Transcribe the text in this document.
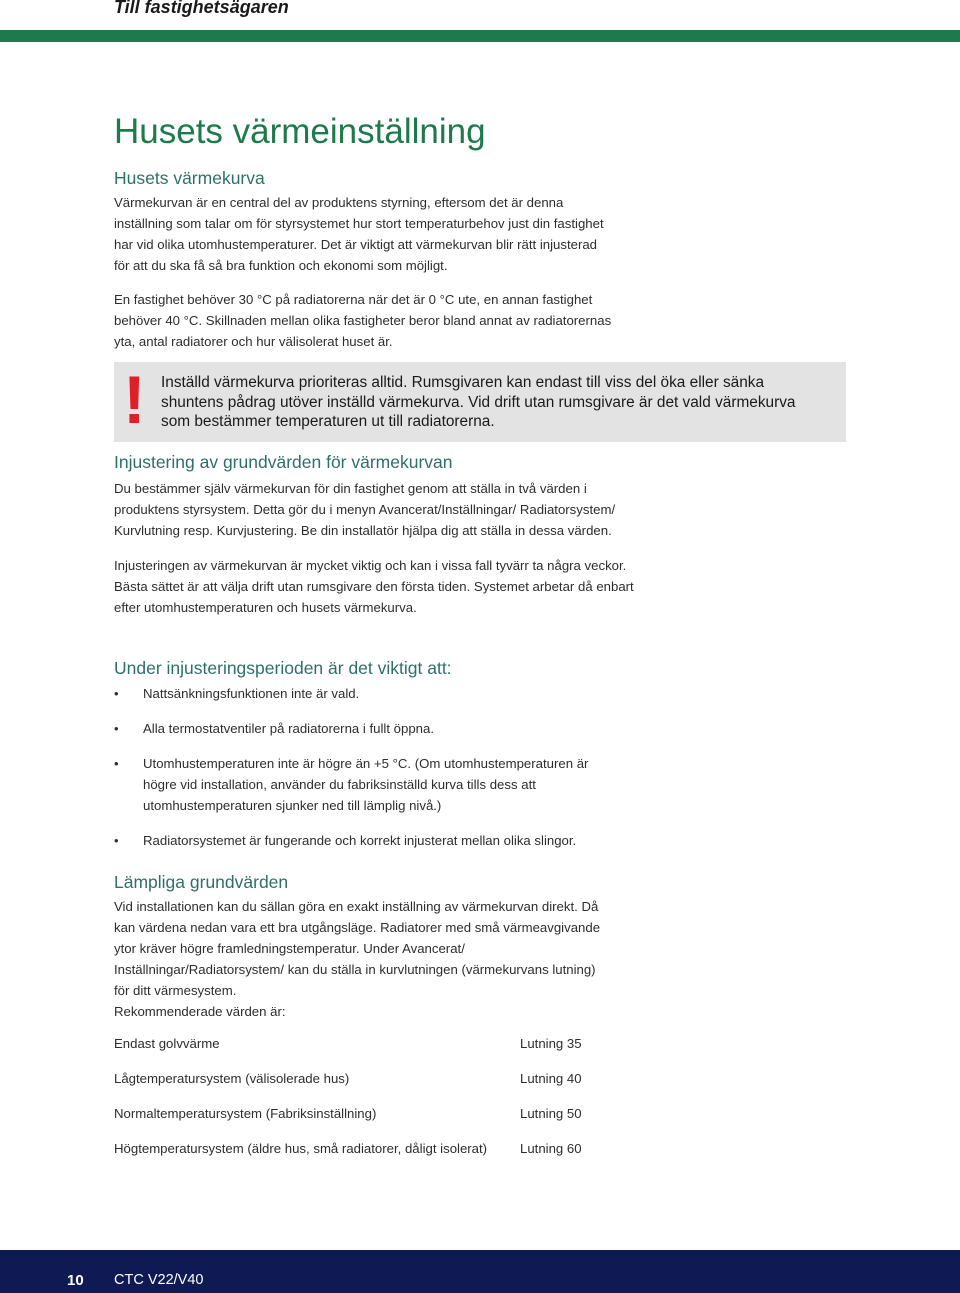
Till fastighetsägaren
Husets värmeinställning
Husets värmekurva

Värmekurvan är en central del av produktens styrning, eftersom det är denna inställning som talar om för styrsystemet hur stort temperaturbehov just din fastighet har vid olika utomhustemperaturer. Det är viktigt att värmekurvan blir rätt injusterad för att du ska få så bra funktion och ekonomi som möjligt.

En fastighet behöver 30 °C på radiatorerna när det är 0 °C ute, en annan fastighet behöver 40 °C. Skillnaden mellan olika fastigheter beror bland annat av radiatorernas yta, antal radiatorer och hur välisolerat huset är.

! Inställd värmekurva prioriteras alltid. Rumsgivaren kan endast till viss del öka eller sänka shuntens pådrag utöver inställd värmekurva. Vid drift utan rumsgivare är det vald värmekurva som bestämmer temperaturen ut till radiatorerna.
Injustering av grundvärden för värmekurvan

Du bestämmer själv värmekurvan för din fastighet genom att ställa in två värden i produktens styrsystem. Detta gör du i menyn Avancerat/Inställningar/ Radiatorsystem/ Kurvlutning resp. Kurvjustering. Be din installatör hjälpa dig att ställa in dessa värden.

Injusteringen av värmekurvan är mycket viktig och kan i vissa fall tyvärr ta några veckor. Bästa sättet är att välja drift utan rumsgivare den första tiden. Systemet arbetar då enbart efter utomhustemperaturen och husets värmekurva.

Under injusteringsperioden är det viktigt att:
• Nattsänkningsfunktionen inte är vald.
• Alla termostatventiler på radiatorerna i fullt öppna.
• Utomhustemperaturen inte är högre än +5 °C. (Om utomhustemperaturen är högre vid installation, använder du fabriksinställd kurva tills dess att utomhustemperaturen sjunker ned till lämplig nivå.)
• Radiatorsystemet är fungerande och korrekt injusterat mellan olika slingor.
Lämpliga grundvärden

Vid installationen kan du sällan göra en exakt inställning av värmekurvan direkt. Då kan värdena nedan vara ett bra utgångsläge. Radiatorer med små värmeavgivande ytor kräver högre framledningstemperatur. Under Avancerat/ Inställningar/Radiatorsystem/ kan du ställa in kurvlutningen (värmekurvans lutning) för ditt värmesystem.

Rekommenderade värden är:

Endast golvvärme	Lutning 35
Lågtemperatursystem (välisolerade hus)	Lutning 40
Normaltemperatursystem (Fabriksinställning)	Lutning 50
Högtemperatursystem (äldre hus, små radiatorer, dåligt isolerat) Lutning 60
10 CTC V22/V40
